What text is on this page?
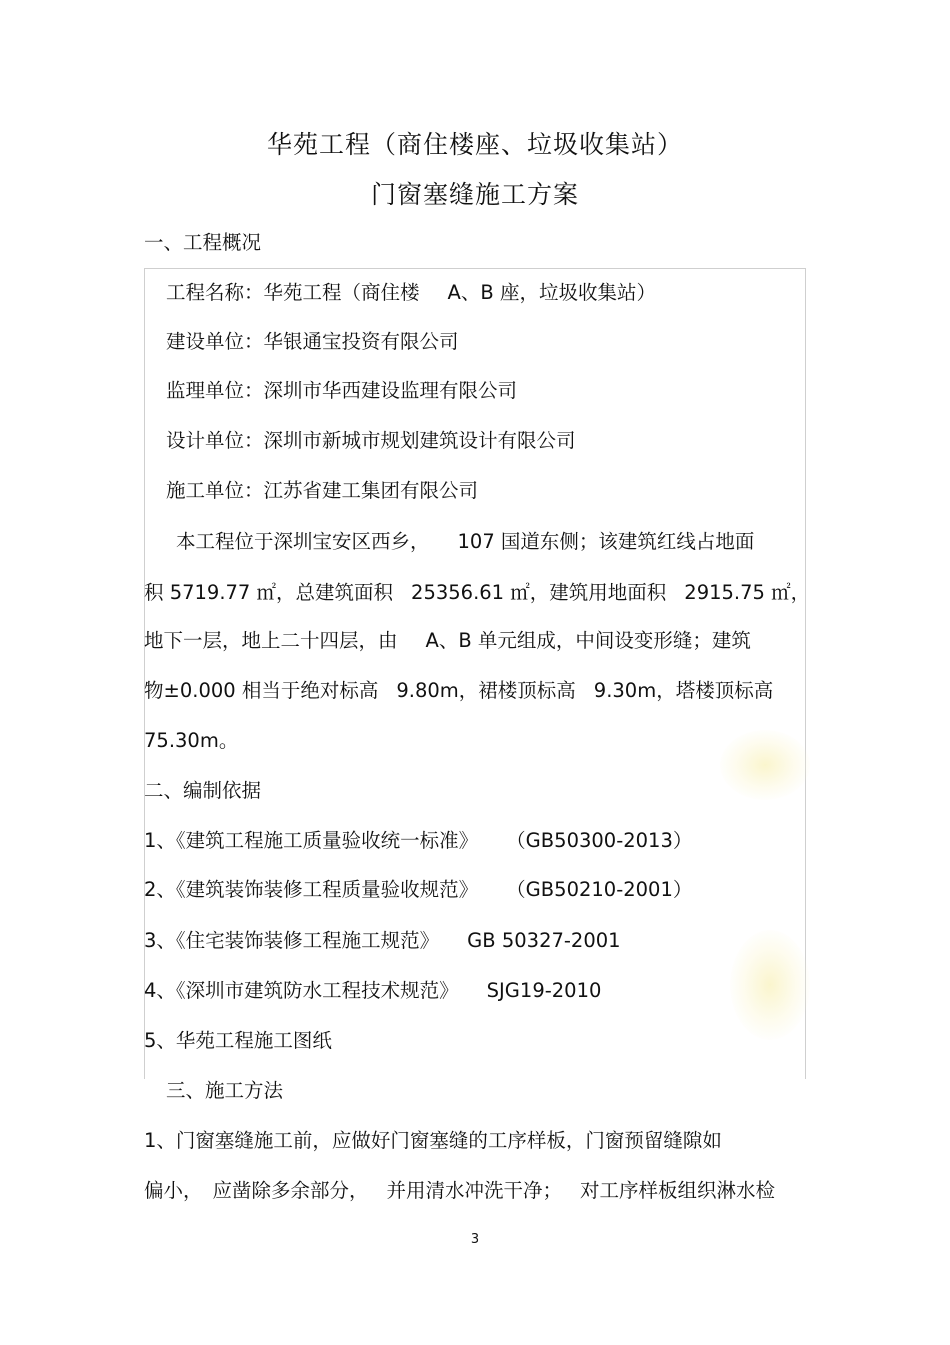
华苑工程（商住楼座、垃圾收集站）
门窗塞缝施工方案
一、工程概况
工程名称：华苑工程（商住楼 A、B 座，垃圾收集站）
建设单位：华银通宝投资有限公司
监理单位：深圳市华西建设监理有限公司
设计单位：深圳市新城市规划建筑设计有限公司
施工单位：江苏省建工集团有限公司
本工程位于深圳宝安区西乡， 107 国道东侧；该建筑红线占地面
积 5719.77 ㎡，总建筑面积 25356.61 ㎡，建筑用地面积 2915.75 ㎡，
地下一层，地上二十四层，由 A、B 单元组成，中间设变形缝；建筑
物±0.000 相当于绝对标高 9.80m，裙楼顶标高 9.30m，塔楼顶标高
75.30m。
二、编制依据
1、《建筑工程施工质量验收统一标准》 （GB50300-2013）
2、《建筑装饰装修工程质量验收规范》 （GB50210-2001）
3、《住宅装饰装修工程施工规范》 GB 50327-2001
4、《深圳市建筑防水工程技术规范》 SJG19-2010
5、华苑工程施工图纸
三、施工方法
1、门窗塞缝施工前，应做好门窗塞缝的工序样板，门窗预留缝隙如
偏小， 应凿除多余部分， 并用清水冲洗干净； 对工序样板组织淋水检
3
